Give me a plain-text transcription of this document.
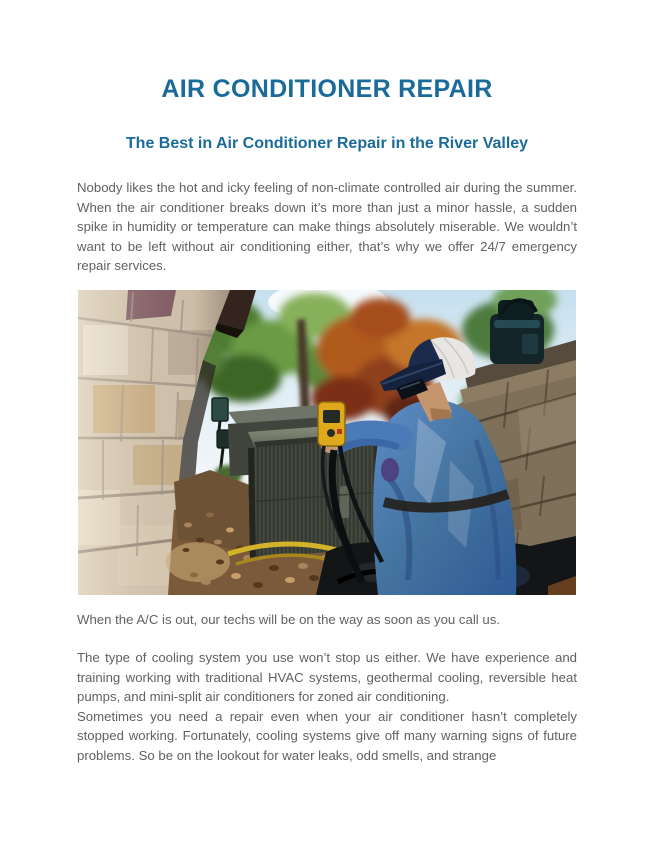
AIR CONDITIONER REPAIR
The Best in Air Conditioner Repair in the River Valley

Nobody likes the hot and icky feeling of non-climate controlled air during the summer. When the air conditioner breaks down it’s more than just a minor hassle, a sudden spike in humidity or temperature can make things absolutely miserable. We wouldn’t want to be left without air conditioning either, that’s why we offer 24/7 emergency repair services.

When the A/C is out, our techs will be on the way as soon as you call us.

The type of cooling system you use won’t stop us either. We have experience and training working with traditional HVAC systems, geothermal cooling, reversible heat pumps, and mini-split air conditioners for zoned air conditioning.

Sometimes you need a repair even when your air conditioner hasn’t completely stopped working. Fortunately, cooling systems give off many warning signs of future problems. So be on the lookout for water leaks, odd smells, and strange
